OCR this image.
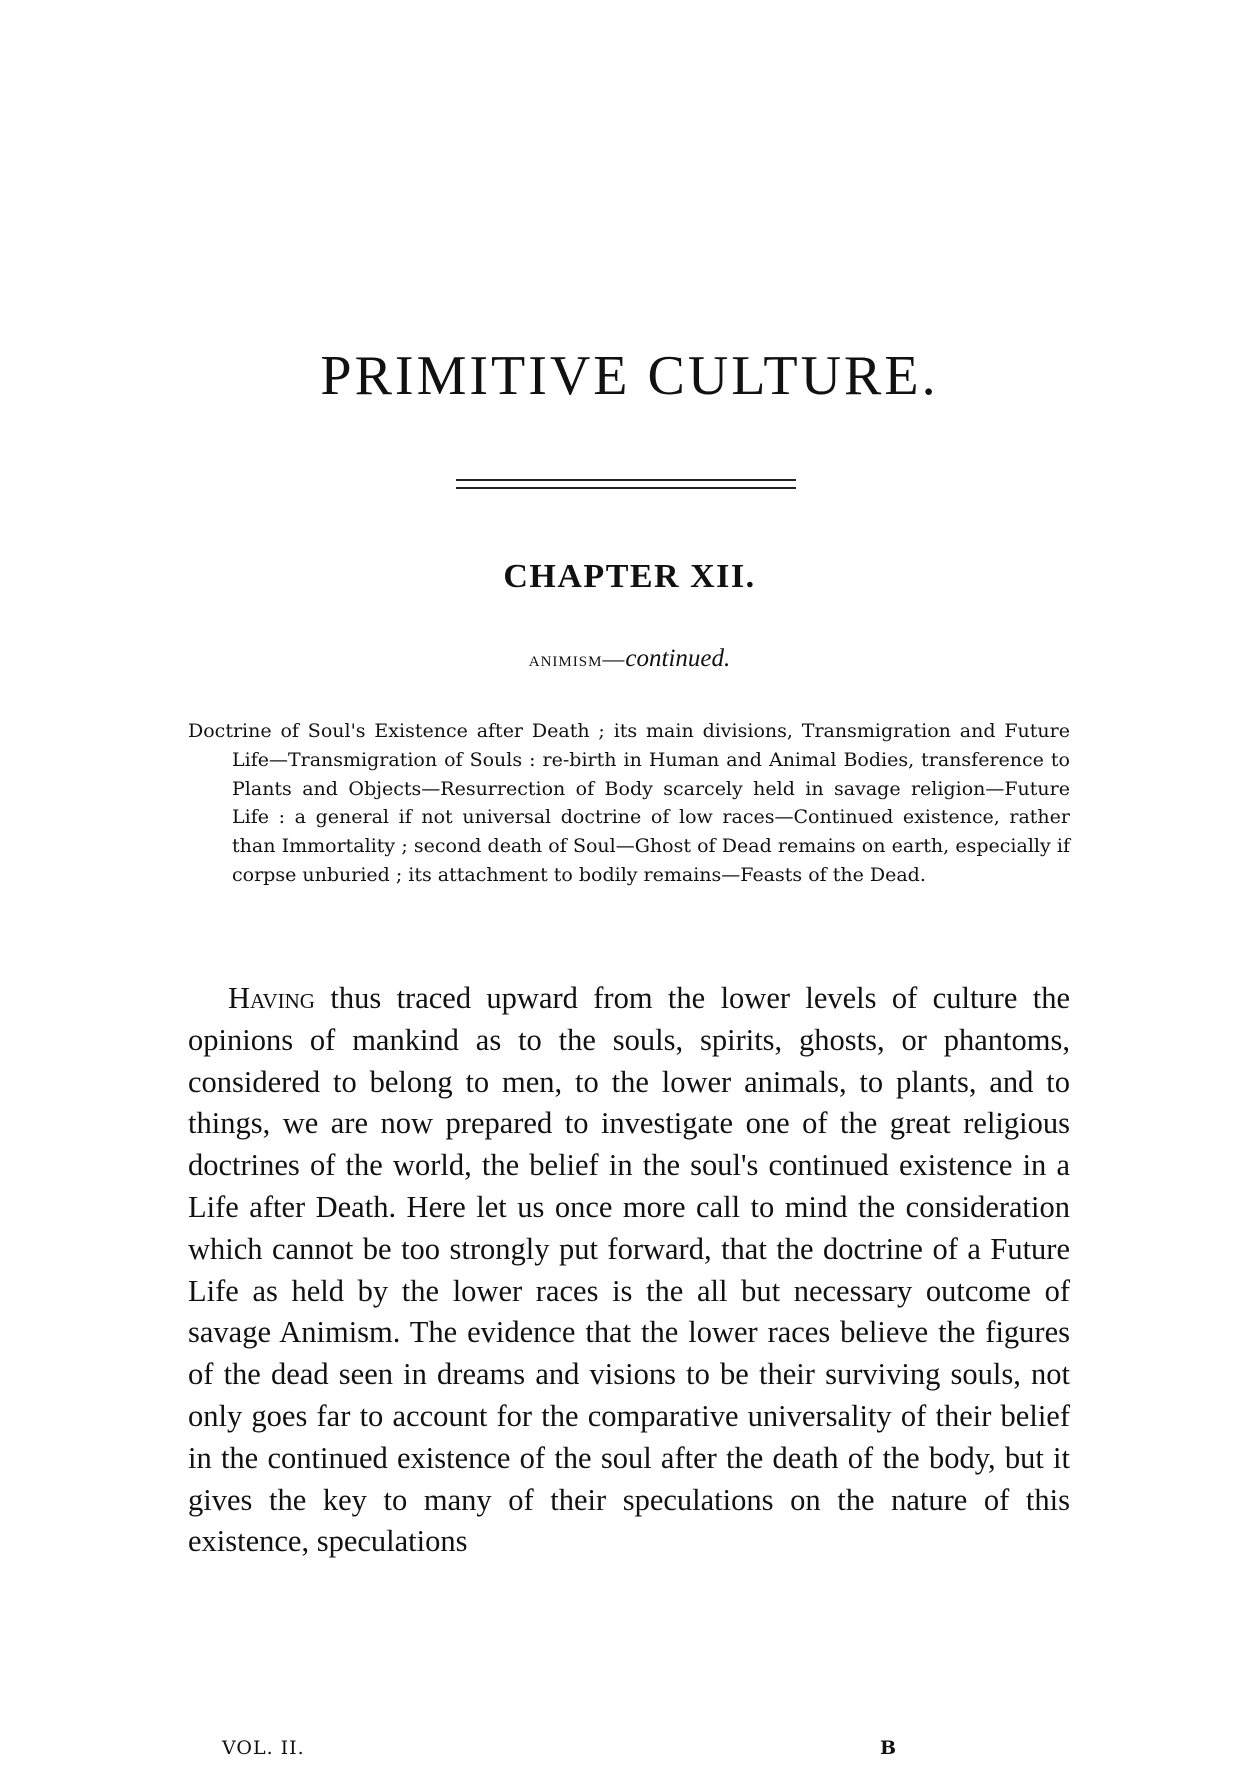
PRIMITIVE CULTURE.
CHAPTER XII.
animism—continued.
Doctrine of Soul's Existence after Death ; its main divisions, Transmigration and Future Life—Transmigration of Souls : re-birth in Human and Animal Bodies, transference to Plants and Objects—Resurrection of Body scarcely held in savage religion—Future Life : a general if not universal doctrine of low races—Continued existence, rather than Immortality ; second death of Soul—Ghost of Dead remains on earth, especially if corpse unburied ; its attachment to bodily remains—Feasts of the Dead.

Having thus traced upward from the lower levels of culture the opinions of mankind as to the souls, spirits, ghosts, or phantoms, considered to belong to men, to the lower animals, to plants, and to things, we are now prepared to investigate one of the great religious doctrines of the world, the belief in the soul's continued existence in a Life after Death. Here let us once more call to mind the consideration which cannot be too strongly put forward, that the doctrine of a Future Life as held by the lower races is the all but necessary outcome of savage Animism. The evidence that the lower races believe the figures of the dead seen in dreams and visions to be their surviving souls, not only goes far to account for the comparative universality of their belief in the continued existence of the soul after the death of the body, but it gives the key to many of their speculations on the nature of this existence, speculations

VOL. II.	B
